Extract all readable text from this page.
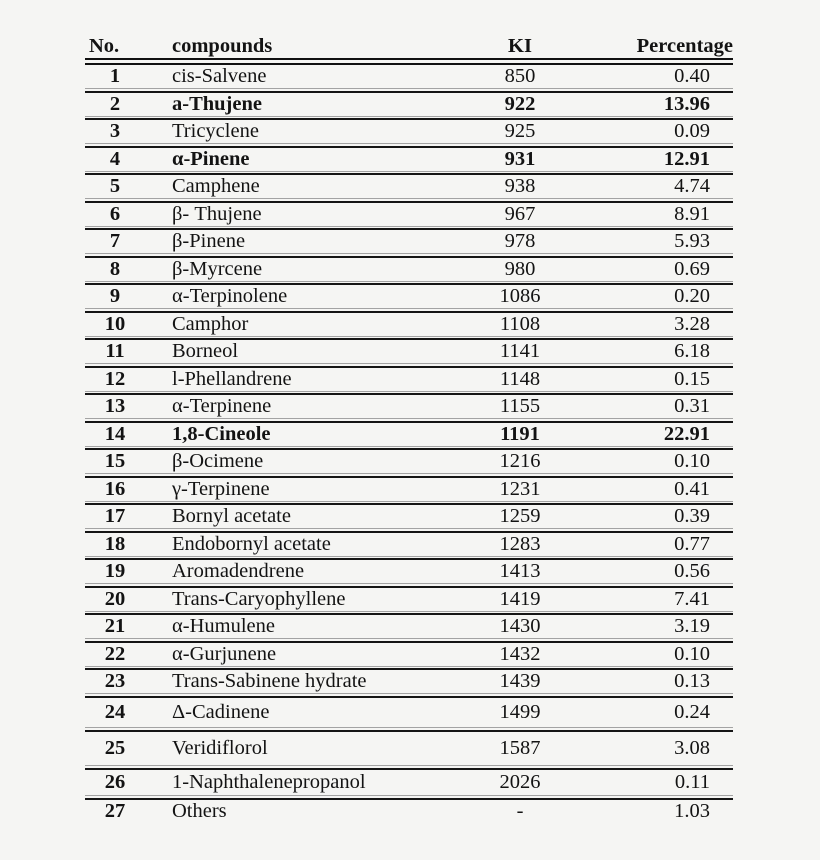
No.	compounds	KI	Percentage
1	cis-Salvene	850	0.40
2	a-Thujene	922	13.96
3	Tricyclene	925	0.09
4	α-Pinene	931	12.91
5	Camphene	938	4.74
6	β- Thujene	967	8.91
7	β-Pinene	978	5.93
8	β-Myrcene	980	0.69
9	α-Terpinolene	1086	0.20
10	Camphor	1108	3.28
11	Borneol	1141	6.18
12	l-Phellandrene	1148	0.15
13	α-Terpinene	1155	0.31
14	1,8-Cineole	1191	22.91
15	β-Ocimene	1216	0.10
16	γ-Terpinene	1231	0.41
17	Bornyl acetate	1259	0.39
18	Endobornyl acetate	1283	0.77
19	Aromadendrene	1413	0.56
20	Trans-Caryophyllene	1419	7.41
21	α-Humulene	1430	3.19
22	α-Gurjunene	1432	0.10
23	Trans-Sabinene hydrate	1439	0.13
24	Δ-Cadinene	1499	0.24
25	Veridiflorol	1587	3.08
26	1-Naphthalenepropanol	2026	0.11
27	Others	-	1.03
